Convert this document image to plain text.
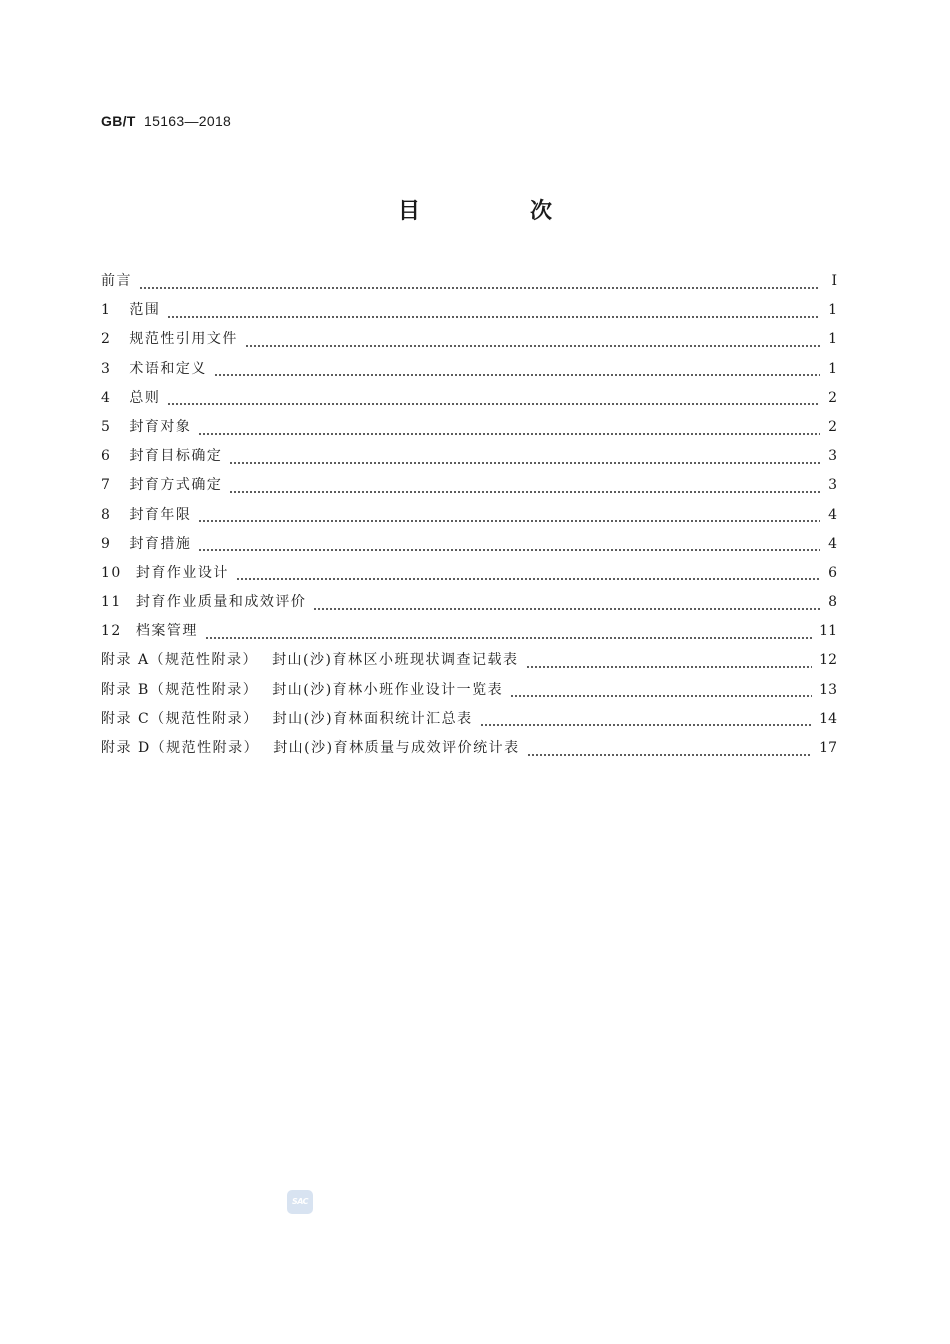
GB/T 15163—2018
目　次
前言	Ⅰ
1 范围	1
2 规范性引用文件	1
3 术语和定义	1
4 总则	2
5 封育对象	2
6 封育目标确定	3
7 封育方式确定	3
8 封育年限	4
9 封育措施	4
10 封育作业设计	6
11 封育作业质量和成效评价	8
12 档案管理	11
附录 A（规范性附录） 封山(沙)育林区小班现状调查记载表	12
附录 B（规范性附录） 封山(沙)育林小班作业设计一览表	13
附录 C（规范性附录） 封山(沙)育林面积统计汇总表	14
附录 D（规范性附录） 封山(沙)育林质量与成效评价统计表	17
SAC
